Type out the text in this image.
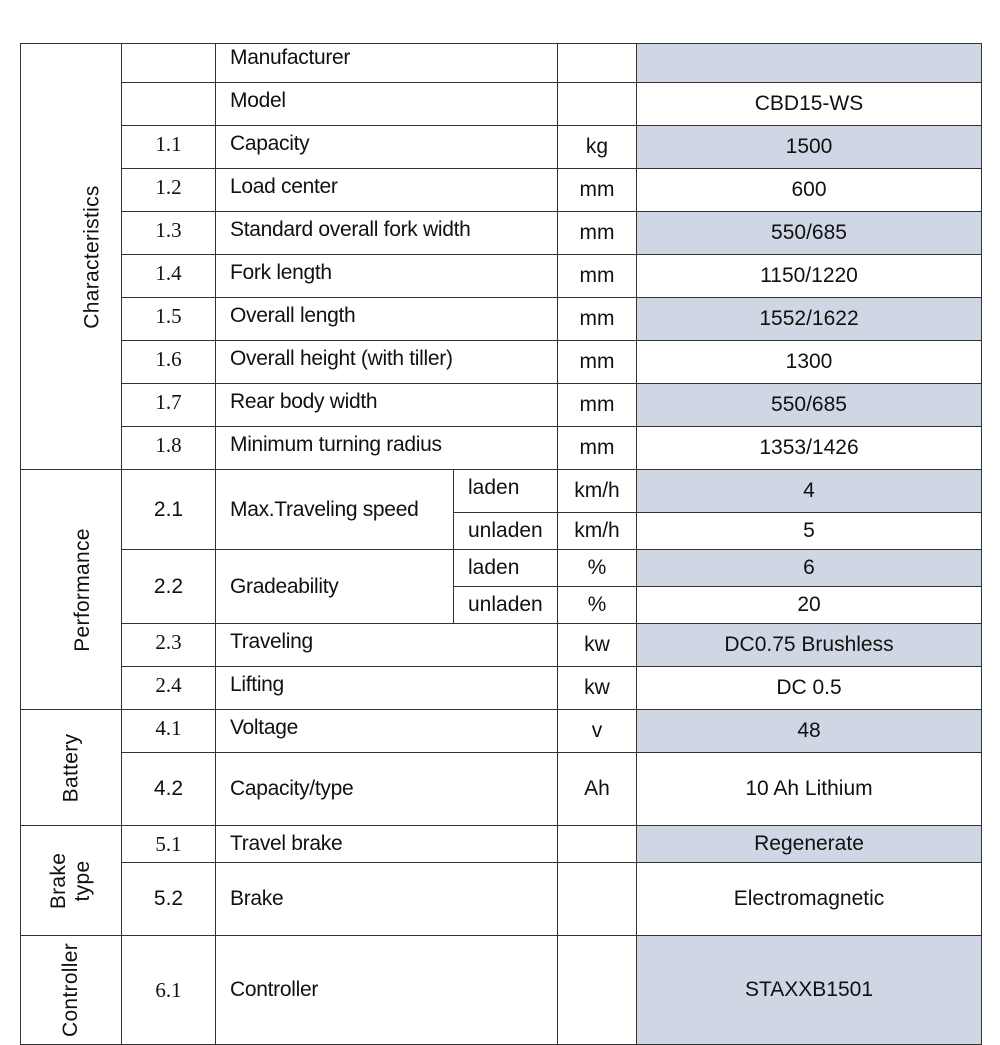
Characteristics		Manufacturer			
		Model			CBD15-WS
	1.1	Capacity		kg	1500
	1.2	Load center		mm	600
	1.3	Standard overall fork width		mm	550/685
	1.4	Fork length		mm	1150/1220
	1.5	Overall length		mm	1552/1622
	1.6	Overall height (with tiller)		mm	1300
	1.7	Rear body width		mm	550/685
	1.8	Minimum turning radius		mm	1353/1426
Performance	2.1	Max.Traveling speed	laden	km/h	4
			unladen	km/h	5
	2.2	Gradeability	laden	%	6
			unladen	%	20
	2.3	Traveling		kw	DC0.75 Brushless
	2.4	Lifting		kw	DC 0.5
Battery	4.1	Voltage		v	48
	4.2	Capacity/type		Ah	10 Ah Lithium
Brake
type	5.1	Travel brake			Regenerate
	5.2	Brake			Electromagnetic
Controller	6.1	Controller			STAXXB1501
